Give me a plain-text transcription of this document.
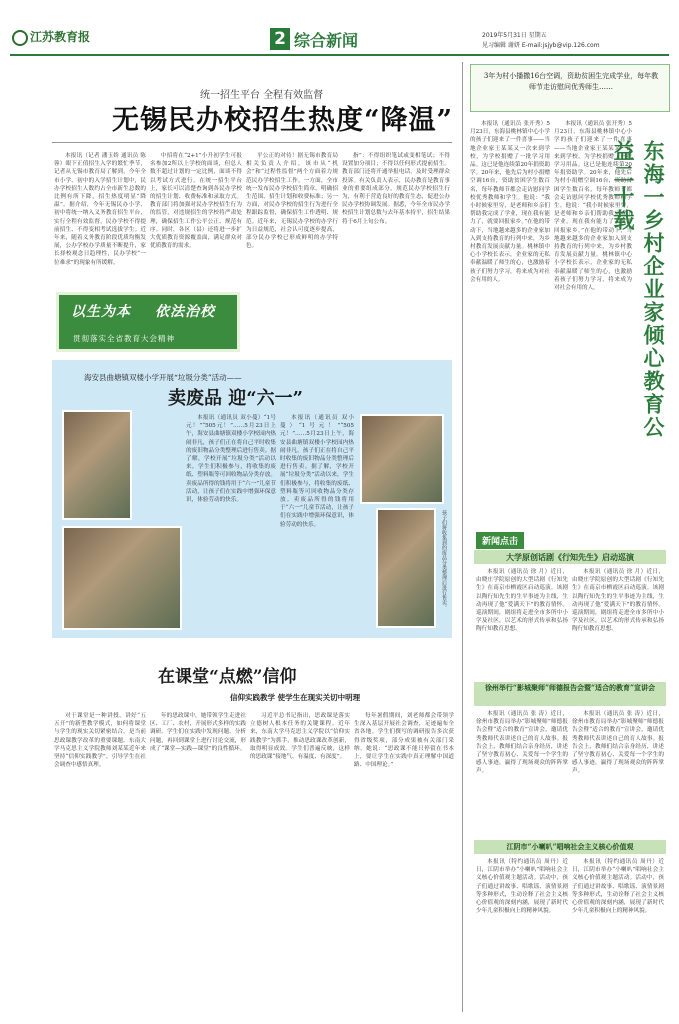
江苏教育报	2 综合新闻	2019年5月31日 星期五
见习编辑 谢妍 E-mail:jsjyb@vip.126.com
统一招生平台 全程有效监督
无锡民办校招生热度“降温”

本报讯（记者 潘玉娇 通讯员 陈 蓉）眼下正值招生入学的繁忙季节，记者从无锡市教育局了解到，今年全市小学、初中的入学招生计划中，民办学校招生人数约占全市新生总数的比例有所下降，招生热度明显“降温”。据介绍，今年无锡民办小学、初中将统一纳入义务教育招生平台，实行全程有效监督，民办学校不得提前招生、不得变相考试选拔学生。近年来，随着义务教育阶段优质均衡发展，公办学校办学质量不断提升，家长择校观念日趋理性，民办学校“一位难求”的现象有所缓解。

中招将在“2+1”小升初学生可报名参加2所以上学校的面谈，但总人数不超过计划的一定比例，面谈不得以考试方式进行。在统一招生平台上，家长可以清楚查询到各民办学校的招生计划、收费标准和录取方式。教育部门将加强对民办学校招生行为的监管，对违规招生的学校将严肃处理，确保招生工作公平公正、规范有序。同时，各区（县）还将进一步扩大优质教育资源覆盖面，满足群众对优质教育的需求。

平公正的对待！据无锡市教育局相关负责人介绍，该市从“机会”和“过程性监督”两个方面着力规范民办学校招生工作。一方面，全市统一发布民办学校招生简章，明确招生范围、招生计划和收费标准；另一方面，对民办学校的招生行为进行全程跟踪监督，确保招生工作透明、规范。近年来，无锡民办学校的办学行为日益规范，社会认可度逐步提高，部分民办学校已形成鲜明的办学特色。

指”：不得组织笔试或变相笔试；不得设置加分项目；不得以任何形式提前招生。教育部门还将开通举报电话，及时受理群众投诉。有关负责人表示，民办教育是教育事业的重要组成部分，规范民办学校招生行为，有利于营造良好的教育生态，促进公办民办学校协调发展。据悉，今年全市民办学校招生计划总数与去年基本持平，招生结果将于6月上旬公布。

以生为本 依法治校
贯彻落实全省教育大会精神
3年为村小播撒16台空调，资助贫困生完成学业，每年教师节走访慰问优秀师生……

本报讯（通讯员 张开秀）5月23日，东海县桃林镇中心小学的孩子们迎来了一件喜事——当地企业家王某某又一次来到学校，为学校捐赠了一批学习用品。这已是他连续第20年捐资助学。20年来，他先后为村小捐赠空调16台，资助贫困学生数百名，每年教师节都会走访慰问学校优秀教师和学生。他说：“我小时候家里穷，是老师和乡亲们帮助我完成了学业，现在我有能力了，就要回报家乡。”在他的带动下，当地越来越多的企业家加入到支持教育的行列中来，为乡村教育发展贡献力量。桃林镇中心小学校长表示，企业家的无私奉献温暖了师生的心，也激励着孩子们努力学习，将来成为对社会有用的人。

本报讯（通讯员 张开秀）5月23日，东海县桃林镇中心小学的孩子们迎来了一件喜事——当地企业家王某某又一次来到学校，为学校捐赠了一批学习用品。这已是他连续第20年捐资助学。20年来，他先后为村小捐赠空调16台，资助贫困学生数百名，每年教师节都会走访慰问学校优秀教师和学生。他说：“我小时候家里穷，是老师和乡亲们帮助我完成了学业，现在我有能力了，就要回报家乡。”在他的带动下，当地越来越多的企业家加入到支持教育的行列中来，为乡村教育发展贡献力量。桃林镇中心小学校长表示，企业家的无私奉献温暖了师生的心，也激励着孩子们努力学习，将来成为对社会有用的人。	东海一乡村企业家倾心教育公益二十载
海安县曲塘镇双楼小学开展“垃圾分类”活动——
卖废品 迎“六一”

本报讯（通讯员 双小蔓）“1号元！”“505元！”……5月23日上午，海安县曲塘镇双楼小学校园内热闹非凡，孩子们正在将自己平时收集的废旧物品分类整理后进行售卖。据了解，学校开展“垃圾分类”活动以来，学生们积极参与，将收集的废纸、塑料瓶等可回收物品分类存放。卖废品所得的钱将用于“六一”儿童节活动，让孩子们在实践中增强环保意识，体验劳动的快乐。

本报讯（通讯员 双小蔓）“1号元！”“505元！”……5月23日上午，海安县曲塘镇双楼小学校园内热闹非凡，孩子们正在将自己平时收集的废旧物品分类整理后进行售卖。据了解，学校开展“垃圾分类”活动以来，学生们积极参与，将收集的废纸、塑料瓶等可回收物品分类存放。卖废品所得的钱将用于“六一”儿童节活动，让孩子们在实践中增强环保意识，体验劳动的快乐。	孩子们将收集到的废品分类整理后进行售卖。
在课堂“点燃”信仰
信仰实践教学 使学生在现实关切中明理

对于课堂是一种讲授，讲好“五五开”的新型教学模式，如何将课堂与学生的现实关切紧密结合，是当前思政课教学改革的重要课题。东南大学马克思主义学院教师刘某某近年来坚持“信仰实践教学”，引导学生在社会调查中感悟真理。

年的思政课中，她带领学生走进社区、工厂、农村，开展形式多样的实践调研。学生们在实践中发现问题、分析问题，再回到课堂上进行讨论交流，形成了“课堂—实践—课堂”的良性循环。

习近平总书记指出，思政课是落实立德树人根本任务的关键课程。近年来，东南大学马克思主义学院以“信仰实践教学”为抓手，推动思政课改革创新，取得明显成效。学生们普遍反映，这样的思政课“接地气、有温度、有深度”。

每年暑假期间，刘老师都会带领学生深入基层开展社会调查，足迹遍布全省各地。学生们撰写的调研报告多次获得省级奖项，部分成果被有关部门采纳。她说：“思政课不能只停留在书本上，要让学生在实践中真正理解中国道路、中国理论。”

新闻点击
大学原创话剧《行知先生》启动巡演

本报讯（通讯员 徐 月）近日，由晓庄学院原创的大型话剧《行知先生》在南京市栖霞区启动巡演。该剧以陶行知先生的生平事迹为主线，生动再现了他“爱满天下”的教育情怀。巡演期间，剧组将走进全市多所中小学及社区，以艺术的形式传承和弘扬陶行知教育思想。

本报讯（通讯员 徐 月）近日，由晓庄学院原创的大型话剧《行知先生》在南京市栖霞区启动巡演。该剧以陶行知先生的生平事迹为主线，生动再现了他“爱满天下”的教育情怀。巡演期间，剧组将走进全市多所中小学及社区，以艺术的形式传承和弘扬陶行知教育思想。

徐州举行“影城聚师”师德报告会暨“适合的教育”宣讲会

本报讯（通讯员 张 涛）近日，徐州市教育局举办“影城聚师”师德报告会暨“适合的教育”宣讲会，邀请优秀教师代表讲述自己的育人故事。报告会上，教师们结合亲身经历，讲述了坚守教育初心、关爱每一个学生的感人事迹，赢得了现场观众的阵阵掌声。

本报讯（通讯员 张 涛）近日，徐州市教育局举办“影城聚师”师德报告会暨“适合的教育”宣讲会，邀请优秀教师代表讲述自己的育人故事。报告会上，教师们结合亲身经历，讲述了坚守教育初心、关爱每一个学生的感人事迹，赢得了现场观众的阵阵掌声。

江阴市“小喇叭”唱响社会主义核心价值观

本报讯（特约通讯员 周丹）近日，江阴市举办“小喇叭”唱响社会主义核心价值观主题活动。活动中，孩子们通过讲故事、唱歌谣、演情景剧等多种形式，生动诠释了社会主义核心价值观的深刻内涵，展现了新时代少年儿童积极向上的精神风貌。

本报讯（特约通讯员 周丹）近日，江阴市举办“小喇叭”唱响社会主义核心价值观主题活动。活动中，孩子们通过讲故事、唱歌谣、演情景剧等多种形式，生动诠释了社会主义核心价值观的深刻内涵，展现了新时代少年儿童积极向上的精神风貌。
